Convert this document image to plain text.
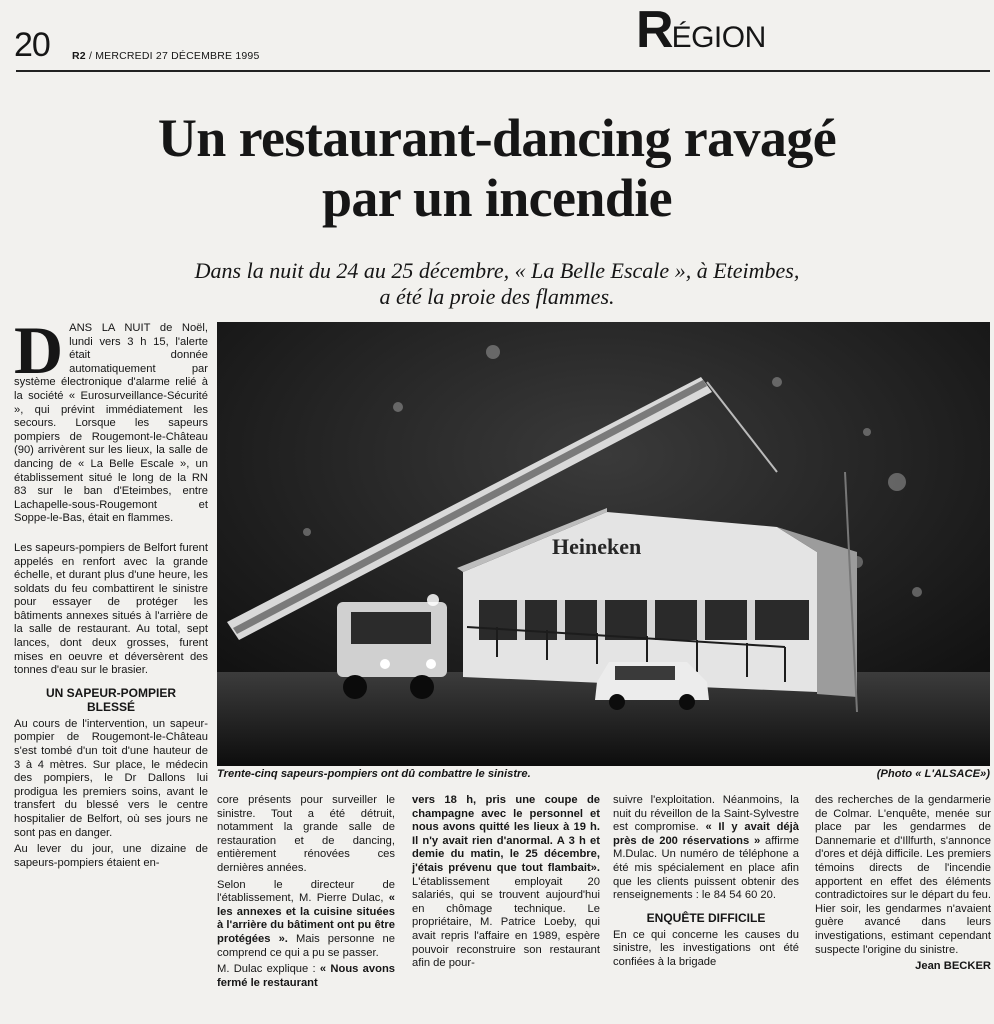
20 R2 / MERCREDI 27 DÉCEMBRE 1995	RÉGION
Un restaurant-dancing ravagé
par un incendie
Dans la nuit du 24 au 25 décembre, « La Belle Escale », à Eteimbes,
a été la proie des flammes.

DANS LA NUIT de Noël, lundi vers 3 h 15, l'alerte était donnée automatiquement par système électronique d'alarme relié à la société « Eurosurveillance-Sécurité », qui prévint immédiatement les secours. Lorsque les sapeurs pompiers de Rougemont-le-Château (90) arrivèrent sur les lieux, la salle de dancing de « La Belle Escale », un établissement situé le long de la RN 83 sur le ban d'Eteimbes, entre Lachapelle-sous-Rougemont et Soppe-le-Bas, était en flammes.

Les sapeurs-pompiers de Belfort furent appelés en renfort avec la grande échelle, et durant plus d'une heure, les soldats du feu combattirent le sinistre pour essayer de protéger les bâtiments annexes situés à l'arrière de la salle de restaurant. Au total, sept lances, dont deux grosses, furent mises en oeuvre et déversèrent des tonnes d'eau sur le brasier.

UN SAPEUR-POMPIER
BLESSÉ

Au cours de l'intervention, un sapeur-pompier de Rougemont-le-Château s'est tombé d'un toit d'une hauteur de 3 à 4 mètres. Sur place, le médecin des pompiers, le Dr Dallons lui prodigua les premiers soins, avant le transfert du blessé vers le centre hospitalier de Belfort, où ses jours ne sont pas en danger.

Au lever du jour, une dizaine de sapeurs-pompiers étaient en-

Heineken
Trente-cinq sapeurs-pompiers ont dû combattre le sinistre.	(Photo « L'ALSACE»)

core présents pour surveiller le sinistre. Tout a été détruit, notamment la grande salle de restauration et de dancing, entièrement rénovées ces dernières années.

Selon le directeur de l'établissement, M. Pierre Dulac, « les annexes et la cuisine situées à l'arrière du bâtiment ont pu être protégées ». Mais personne ne comprend ce qui a pu se passer.

M. Dulac explique : « Nous avons fermé le restaurant

vers 18 h, pris une coupe de champagne avec le personnel et nous avons quitté les lieux à 19 h. Il n'y avait rien d'anormal. A 3 h et demie du matin, le 25 décembre, j'étais prévenu que tout flambait». L'établissement employait 20 salariés, qui se trouvent aujourd'hui en chômage technique. Le propriétaire, M. Patrice Loeby, qui avait repris l'affaire en 1989, espère pouvoir reconstruire son restaurant afin de pour-

suivre l'exploitation. Néanmoins, la nuit du réveillon de la Saint-Sylvestre est compromise. « Il y avait déjà près de 200 réservations » affirme M.Dulac. Un numéro de téléphone a été mis spécialement en place afin que les clients puissent obtenir des renseignements : le 84 54 60 20.

ENQUÊTE DIFFICILE

En ce qui concerne les causes du sinistre, les investigations ont été confiées à la brigade

des recherches de la gendarmerie de Colmar. L'enquête, menée sur place par les gendarmes de Dannemarie et d'Illfurth, s'annonce d'ores et déjà difficile. Les premiers témoins directs de l'incendie apportent en effet des éléments contradictoires sur le départ du feu. Hier soir, les gendarmes n'avaient guère avancé dans leurs investigations, estimant cependant suspecte l'origine du sinistre.

Jean BECKER
